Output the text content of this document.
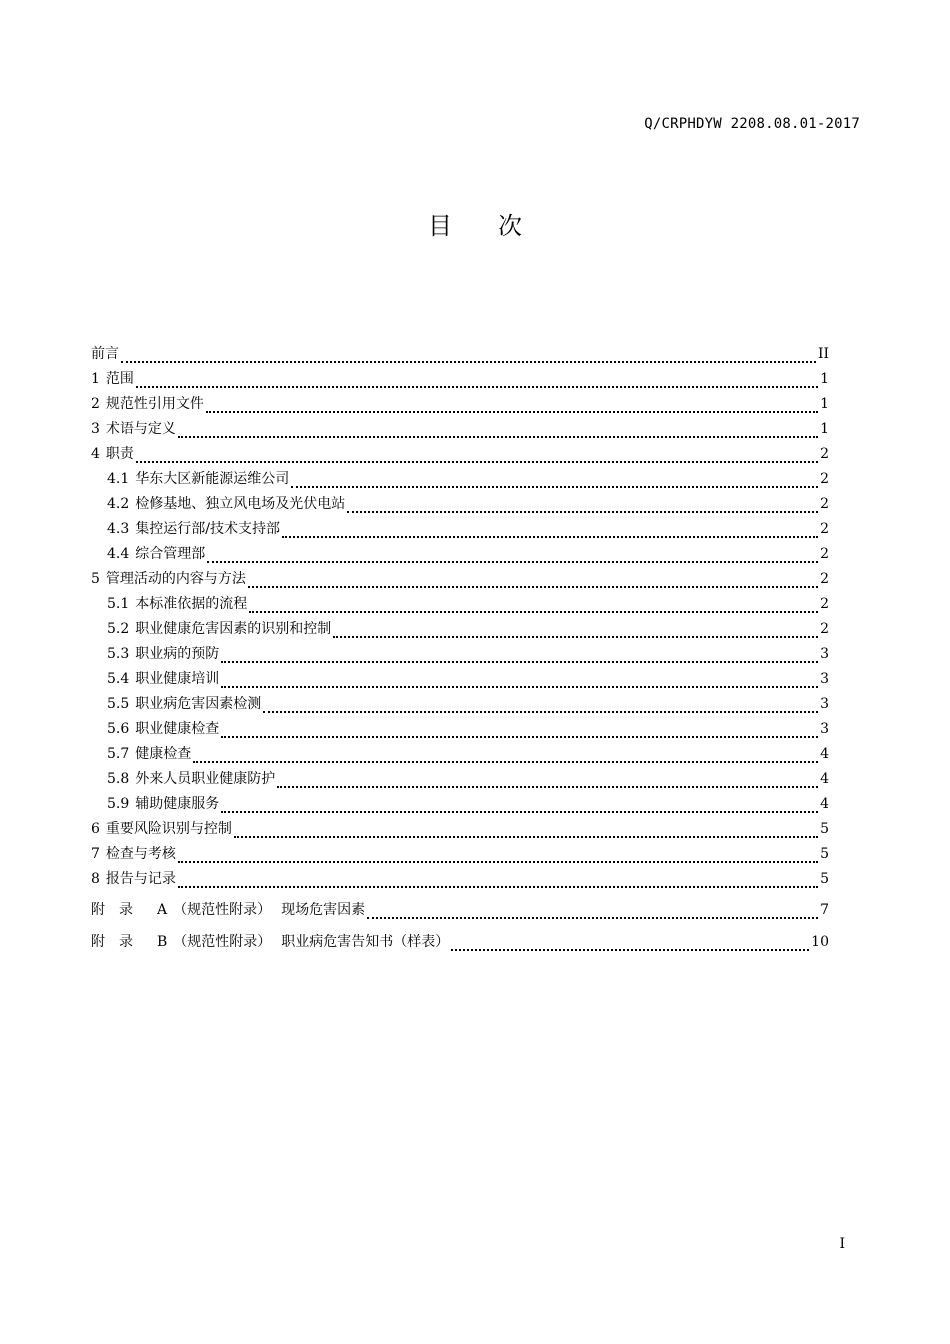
Q/CRPHDYW 2208.08.01-2017
目次
前言	II
1 范围	1
2 规范性引用文件	1
3 术语与定义	1
4 职责	2
4.1 华东大区新能源运维公司	2
4.2 检修基地、独立风电场及光伏电站	2
4.3 集控运行部/技术支持部	2
4.4 综合管理部	2
5 管理活动的内容与方法	2
5.1 本标准依据的流程	2
5.2 职业健康危害因素的识别和控制	2
5.3 职业病的预防	3
5.4 职业健康培训	3
5.5 职业病危害因素检测	3
5.6 职业健康检查	3
5.7 健康检查	4
5.8 外来人员职业健康防护	4
5.9 辅助健康服务	4
6 重要风险识别与控制	5
7 检查与考核	5
8 报告与记录	5
附录 A （规范性附录） 现场危害因素	7
附录 B （规范性附录） 职业病危害告知书（样表）	10
I
